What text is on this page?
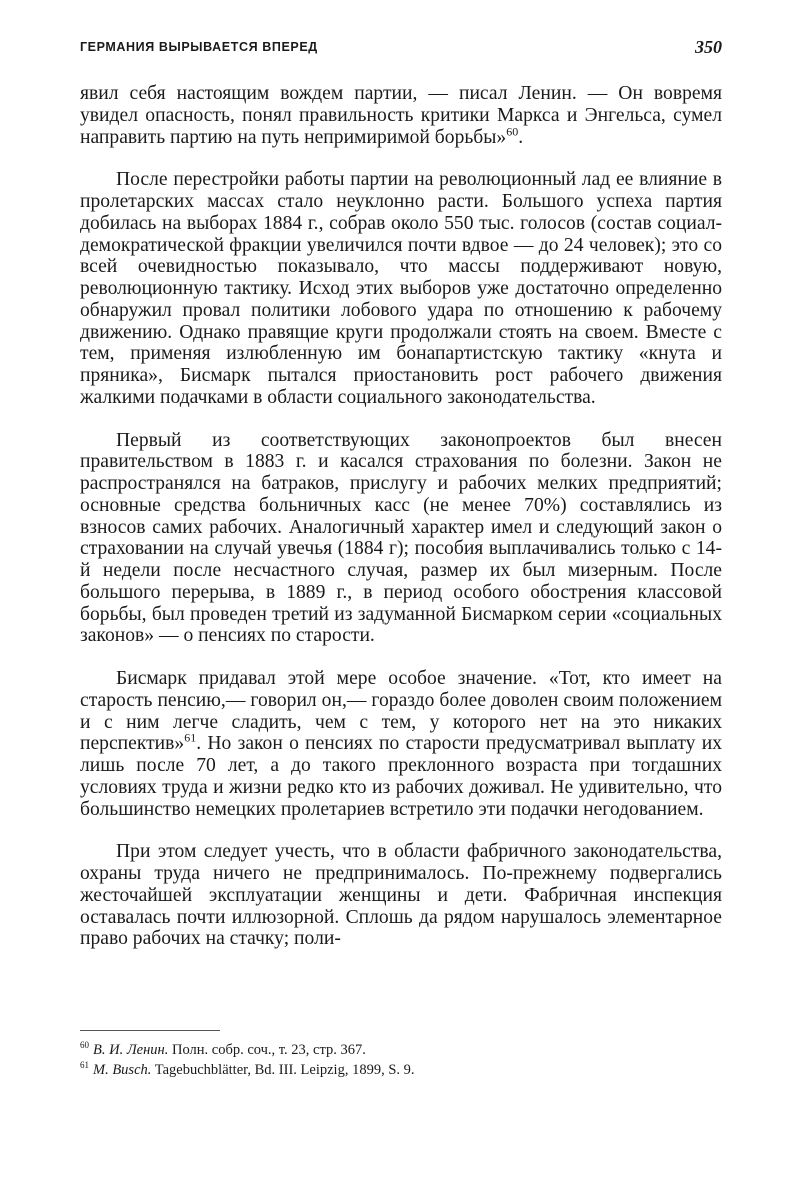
ГЕРМАНИЯ ВЫРЫВАЕТСЯ ВПЕРЕД	350

явил себя настоящим вождем партии, — писал Ленин. — Он вовремя увидел опасность, понял правильность критики Маркса и Энгельса, сумел направить партию на путь непримиримой борьбы»$^{60}$.

После перестройки работы партии на революционный лад ее влияние в пролетарских массах стало неуклонно расти. Большого успеха партия добилась на выборах 1884 г., собрав около 550 тыс. голосов (состав социал-демократической фракции увеличился почти вдвое — до 24 человек); это со всей очевидностью показывало, что массы поддерживают новую, революционную тактику. Исход этих выборов уже достаточно определенно обнаружил провал политики лобового удара по отношению к рабочему движению. Однако правящие круги продолжали стоять на своем. Вместе с тем, применяя излюбленную им бонапартистскую тактику «кнута и пряника», Бисмарк пытался приостановить рост рабочего движения жалкими подачками в области социального законодательства.

Первый из соответствующих законопроектов был внесен правительством в 1883 г. и касался страхования по болезни. Закон не распространялся на батраков, прислугу и рабочих мелких предприятий; основные средства больничных касс (не менее 70%) составлялись из взносов самих рабочих. Аналогичный характер имел и следующий закон о страховании на случай увечья (1884 г); пособия выплачивались только с 14-й недели после несчастного случая, размер их был мизерным. После большого перерыва, в 1889 г., в период особого обострения классовой борьбы, был проведен третий из задуманной Бисмарком серии «социальных законов» — о пенсиях по старости.

Бисмарк придавал этой мере особое значение. «Тот, кто имеет на старость пенсию,— говорил он,— гораздо более доволен своим положением и с ним легче сладить, чем с тем, у которого нет на это никаких перспектив»$^{61}$. Но закон о пенсиях по старости предусматривал выплату их лишь после 70 лет, а до такого преклонного возраста при тогдашних условиях труда и жизни редко кто из рабочих доживал. Не удивительно, что большинство немецких пролетариев встретило эти подачки негодованием.

При этом следует учесть, что в области фабричного законодательства, охраны труда ничего не предпринималось. По-прежнему подвергались жесточайшей эксплуатации женщины и дети. Фабричная инспекция оставалась почти иллюзорной. Сплошь да рядом нарушалось элементарное право рабочих на стачку; поли-

$^{60}$ В. И. Ленин. Полн. собр. соч., т. 23, стр. 367.

$^{61}$ M. Busch. Tagebuchblätter, Bd. III. Leipzig, 1899, S. 9.
